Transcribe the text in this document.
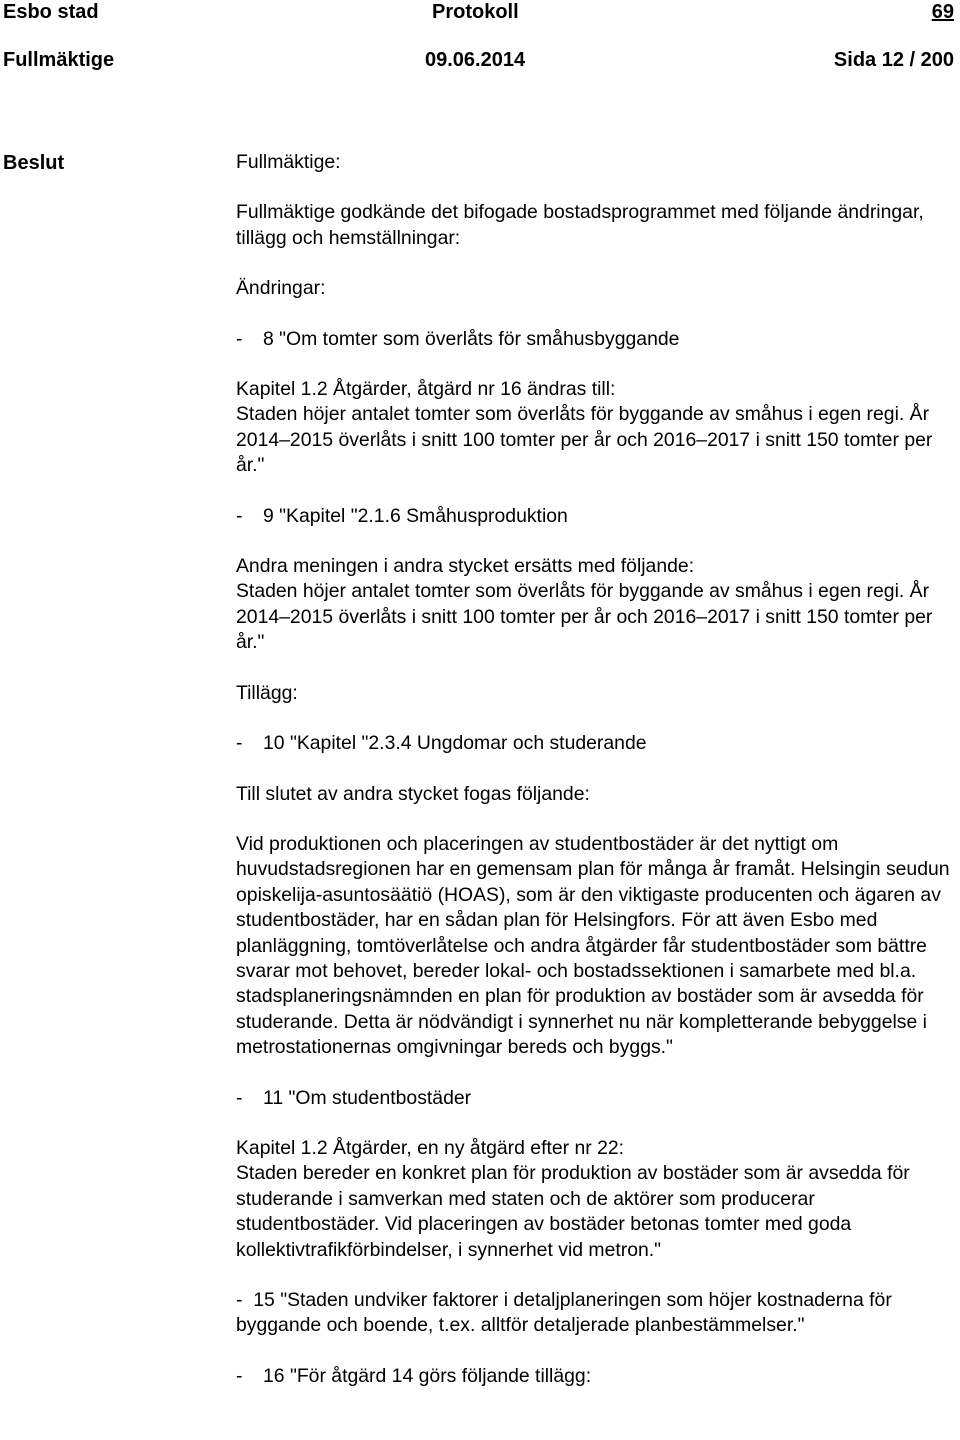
Esbo stad	Protokoll	69
Fullmäktige	09.06.2014	Sida 12 / 200
Beslut	Fullmäktige:

Fullmäktige godkände det bifogade bostadsprogrammet med följande ändringar, tillägg och hemställningar:

Ändringar:

-	8 "Om tomter som överlåts för småhusbyggande

Kapitel 1.2 Åtgärder, åtgärd nr 16 ändras till:

Staden höjer antalet tomter som överlåts för byggande av småhus i egen regi. År 2014–2015 överlåts i snitt 100 tomter per år och 2016–2017 i snitt 150 tomter per år."

-	9 "Kapitel "2.1.6 Småhusproduktion

Andra meningen i andra stycket ersätts med följande:

Staden höjer antalet tomter som överlåts för byggande av småhus i egen regi. År 2014–2015 överlåts i snitt 100 tomter per år och 2016–2017 i snitt 150 tomter per år."

Tillägg:

-	10 "Kapitel "2.3.4 Ungdomar och studerande

Till slutet av andra stycket fogas följande:

Vid produktionen och placeringen av studentbostäder är det nyttigt om huvudstadsregionen har en gemensam plan för många år framåt. Helsingin seudun opiskelija-asuntosäätiö (HOAS), som är den viktigaste producenten och ägaren av studentbostäder, har en sådan plan för Helsingfors. För att även Esbo med planläggning, tomtöverlåtelse och andra åtgärder får studentbostäder som bättre svarar mot behovet, bereder lokal- och bostadssektionen i samarbete med bl.a. stadsplaneringsnämnden en plan för produktion av bostäder som är avsedda för studerande. Detta är nödvändigt i synnerhet nu när kompletterande bebyggelse i metrostationernas omgivningar bereds och byggs."

-	11 "Om studentbostäder

Kapitel 1.2 Åtgärder, en ny åtgärd efter nr 22:

Staden bereder en konkret plan för produktion av bostäder som är avsedda för studerande i samverkan med staten och de aktörer som producerar studentbostäder. Vid placeringen av bostäder betonas tomter med goda kollektivtrafikförbindelser, i synnerhet vid metron."

-  15 "Staden undviker faktorer i detaljplaneringen som höjer kostnaderna för byggande och boende, t.ex. alltför detaljerade planbestämmelser."
-	16 "För åtgärd 14 görs följande tillägg:
